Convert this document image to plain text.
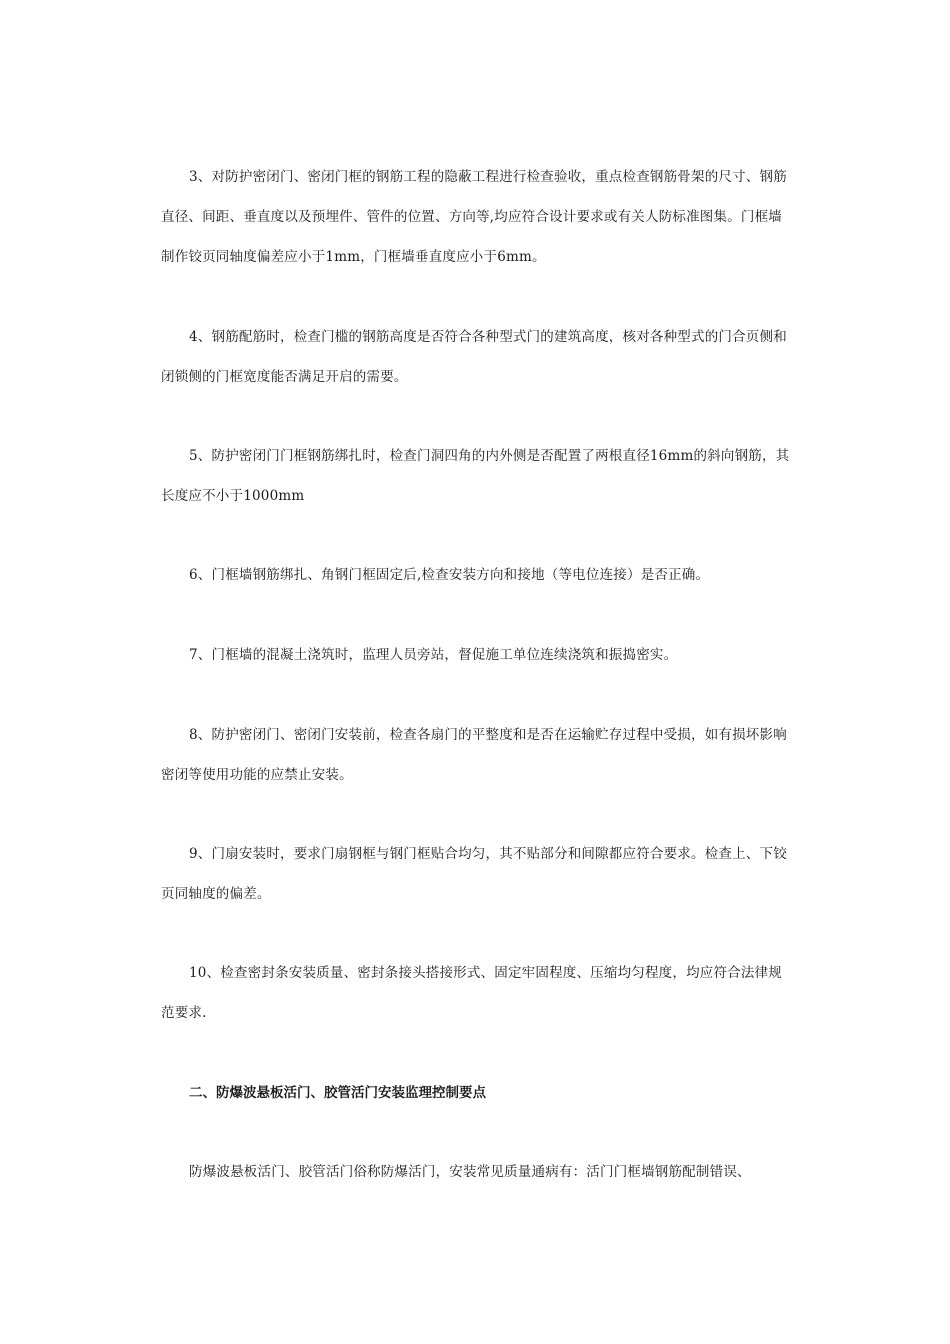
3、对防护密闭门、密闭门框的钢筋工程的隐蔽工程进行检查验收，重点检查钢筋骨架的尺寸、钢筋直径、间距、垂直度以及预埋件、管件的位置、方向等,均应符合设计要求或有关人防标准图集。门框墙制作铰页同轴度偏差应小于1mm，门框墙垂直度应小于6mm。

4、钢筋配筋时，检查门槛的钢筋高度是否符合各种型式门的建筑高度，核对各种型式的门合页侧和闭锁侧的门框宽度能否满足开启的需要。

5、防护密闭门门框钢筋绑扎时，检查门洞四角的内外侧是否配置了两根直径16mm的斜向钢筋，其长度应不小于1000mm

6、门框墙钢筋绑扎、角钢门框固定后,检查安装方向和接地（等电位连接）是否正确。

7、门框墙的混凝土浇筑时，监理人员旁站，督促施工单位连续浇筑和振捣密实。

8、防护密闭门、密闭门安装前，检查各扇门的平整度和是否在运输贮存过程中受损，如有损坏影响密闭等使用功能的应禁止安装。

9、门扇安装时，要求门扇钢框与钢门框贴合均匀，其不贴部分和间隙都应符合要求。检查上、下铰页同轴度的偏差。

10、检查密封条安装质量、密封条接头搭接形式、固定牢固程度、压缩均匀程度，均应符合法律规范要求.

二、防爆波悬板活门、胶管活门安装监理控制要点

防爆波悬板活门、胶管活门俗称防爆活门，安装常见质量通病有：活门门框墙钢筋配制错误、
